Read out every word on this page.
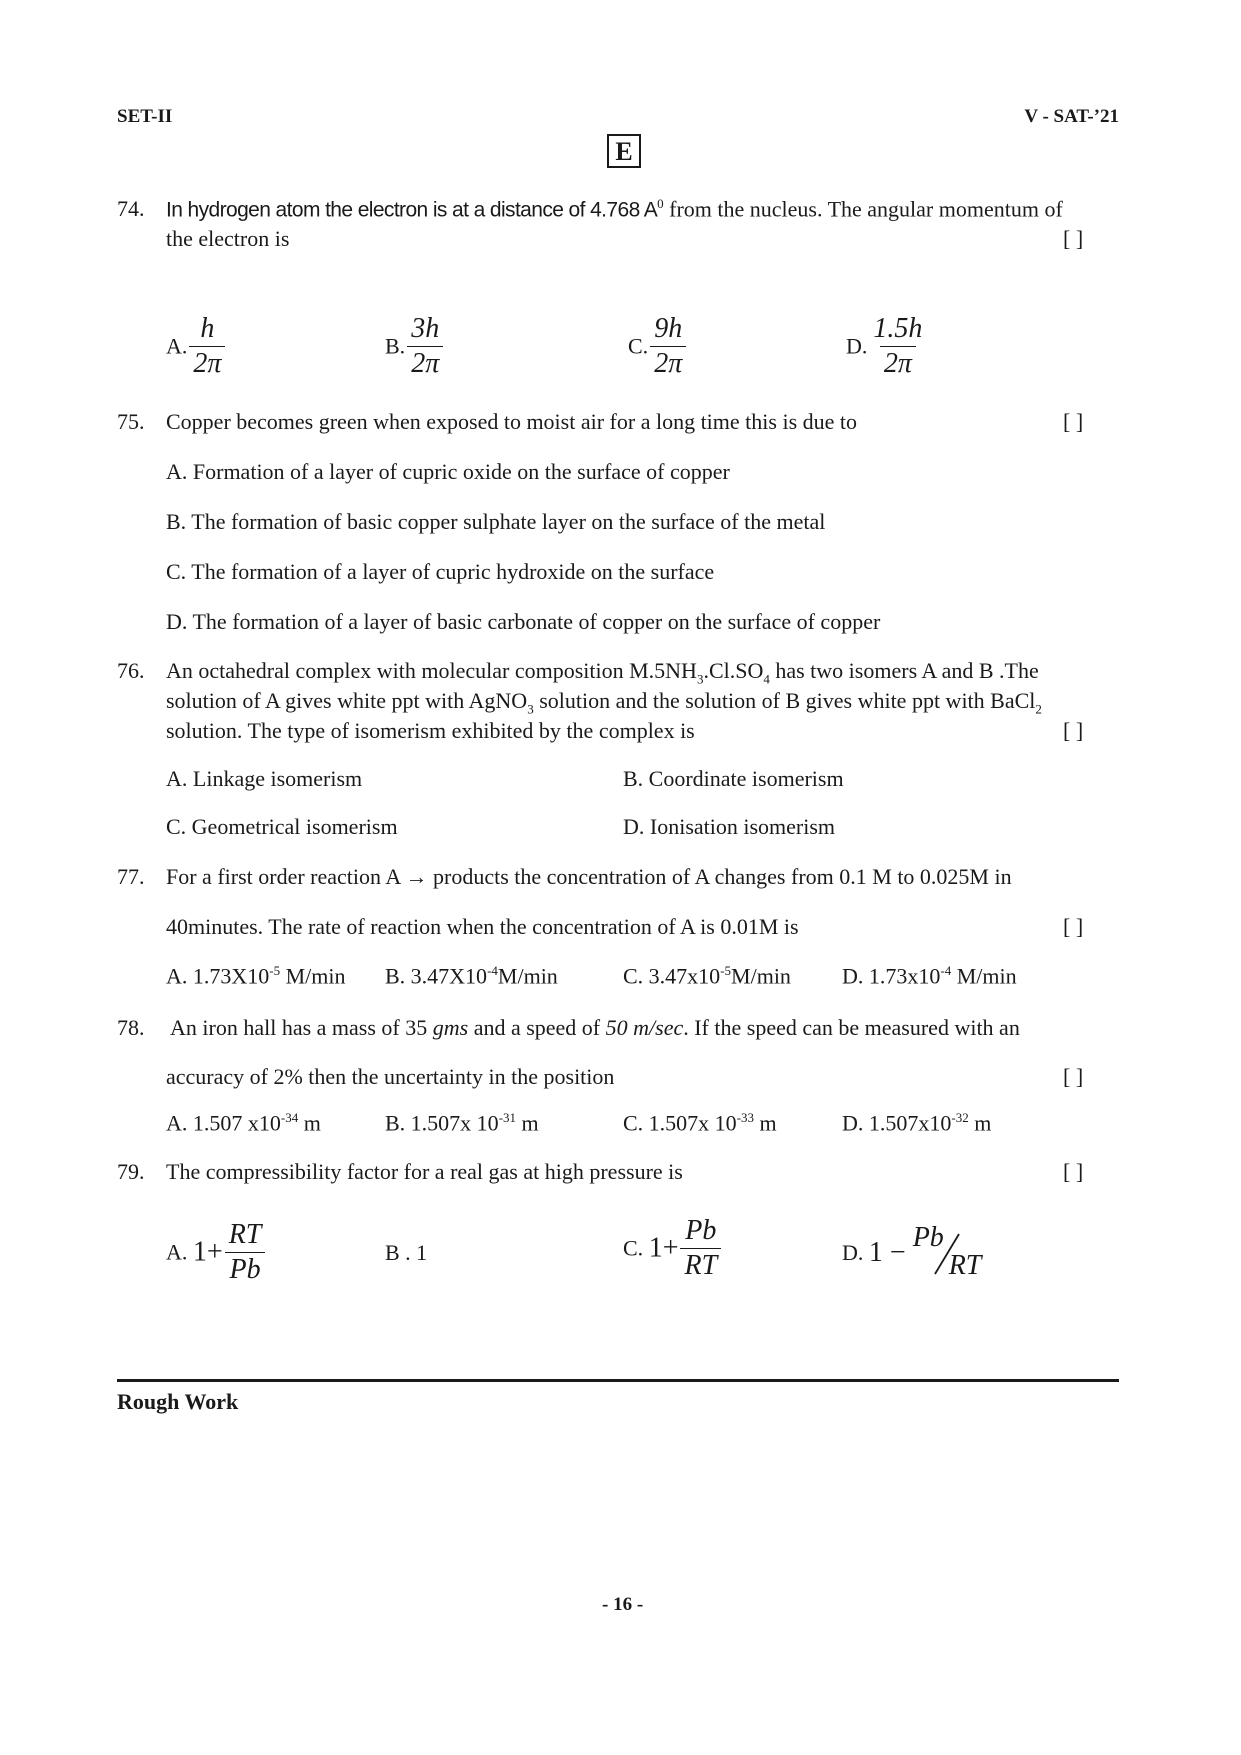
SET-II	V - SAT-’21
E
74. In hydrogen atom the electron is at a distance of 4.768 $A^0$ from the nucleus. The angular momentum of
the electron is	[ ]
A. $\frac{h}{2\pi}$	B. $\frac{3h}{2\pi}$	C. $\frac{9h}{2\pi}$	D. $\frac{1.5h}{2\pi}$
75. Copper becomes green when exposed to moist air for a long time this is due to	[ ]
A. Formation of a layer of cupric oxide on the surface of copper
B. The formation of basic copper sulphate layer on the surface of the metal
C. The formation of a layer of cupric hydroxide on the surface
D. The formation of a layer of basic carbonate of copper on the surface of copper
76. An octahedral complex with molecular composition $M.5NH_3.Cl.SO_4$ has two isomers A and B .The
solution of A gives white ppt with AgNO$_3$ solution and the solution of B gives white ppt with BaCl$_2$
solution. The type of isomerism exhibited by the complex is	[ ]
A. Linkage isomerism	B. Coordinate isomerism
C. Geometrical isomerism	D. Ionisation isomerism
77. For a first order reaction A → products the concentration of A changes from 0.1 M to 0.025M in
40minutes. The rate of reaction when the concentration of A is 0.01M is	[ ]
A. $1.73X10^{-5}$ M/min B. $3.47X10^{-4}M/\min$	C. $3.47x10^{-5}M/\min$ D. $1.73x10^{-4}$ M/min
78. An iron hall has a mass of 35 gms and a speed of 50 m/sec. If the speed can be measured with an
accuracy of 2% then the uncertainty in the position	[ ]
A. 1.507 $x10^{-34}$ m	B. 1.507x $10^{-31}$ m	C. 1.507x $10^{-33}$ m	D. $1.507x10^{-32}$ m
79. The compressibility factor for a real gas at high pressure is	[ ]
A. $1+ \frac{RT}{Pb}$	B . 1	C. $1+ \frac{Pb}{RT}$	D. 1 − Pb
RT
Rough Work
- 16 -
